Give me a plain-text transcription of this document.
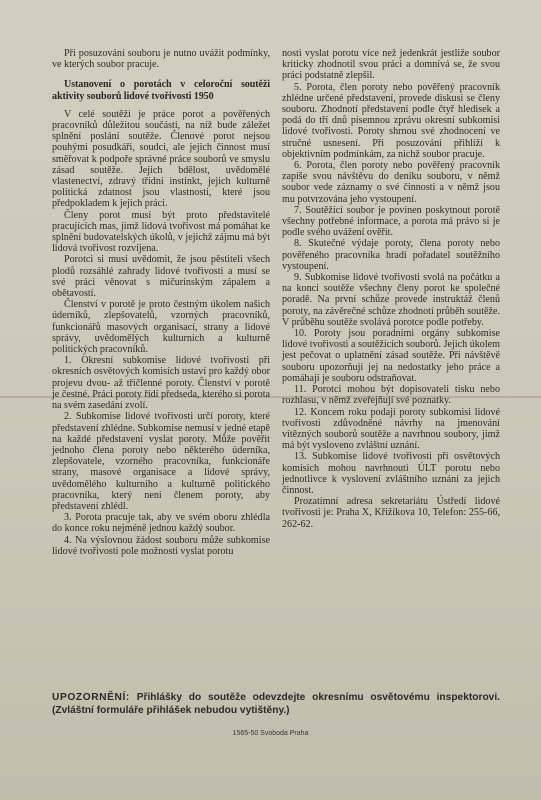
Při posuzování souboru je nutno uvážit podmínky, ve kterých soubor pracuje.

Ustanovení o porotách v celoroční soutěži aktivity souborů lidové tvořivosti 1950

V celé soutěži je práce porot a pověřených pracovníků důležitou součástí, na níž bude záležet splnění poslání soutěže. Členové porot nejsou pouhými posudkáři, soudci, ale jejich činnost musí směřovat k podpoře správné práce souborů ve smyslu zásad soutěže. Jejich bdělost, uvědomělé vlastenectví, zdravý třídní instinkt, jejich kulturně politická zdatnost jsou vlastnosti, které jsou předpokladem k jejich práci.

Členy porot musí být proto představitelé pracujících mas, jimž lidová tvořivost má pomáhat ke splnění budovatelských úkolů, v jejichž zájmu má být lidová tvořivost rozvíjena.

Porotci si musí uvědomit, že jsou pěstiteli všech plodů rozsáhlé zahrady lidové tvořivosti a musí se své práci věnovat s mičurinským zápalem a obětavostí.

Členství v porotě je proto čestným úkolem našich úderníků, zlepšovatelů, vzorných pracovníků, funkcionářů masových organisací, strany a lidové správy, uvědomělých kulturních a kulturně politických pracovníků.

1. Okresní subkomise lidové tvořivosti při okresních osvětových komisích ustaví pro každý obor projevu dvou- až tříčlenné poroty. Členství v porotě je čestné. Práci poroty řídí předseda, kterého si porota na svém zasedání zvolí.

2. Subkomise lidové tvořivosti určí poroty, které představení zhlédne. Subkomise nemusí v jedné etapě na každé představení vyslat poroty. Může pověřit jednoho člena poroty nebo některého úderníka, zlepšovatele, vzorného pracovníka, funkcionáře strany, masové organisace a lidové správy, uvědomělého kulturního a kulturně politického pracovníka, který není členem poroty, aby představení zhlédl.

3. Porota pracuje tak, aby ve svém oboru zhlédla do konce roku nejméně jednou každý soubor.

4. Na výslovnou žádost souboru může subkomise lidové tvořivosti pole možnosti vyslat porotu

nosti vyslat porotu více než jedenkrát jestliže soubor kriticky zhodnotil svou práci a domnívá se, že svou práci podstatně zlepšil.

5. Porota, člen poroty nebo pověřený pracovník zhlédne určené představení, provede diskusi se členy souboru. Zhodnotí představení podle čtyř hledisek a podá do tří dnů písemnou zprávu okresní subkomisi lidové tvořivosti. Poroty shrnou své zhodnocení ve stručné usnesení. Při posuzování přihlíží k objektivním podmínkám, za nichž soubor pracuje.

6. Porota, člen poroty nebo pověřený pracovník zapíše svou návštěvu do deníku souboru, v němž soubor vede záznamy o své činnosti a v němž jsou mu potvrzována jeho vystoupení.

7. Soutěžící soubor je povinen poskytnout porotě všechny potřebné informace, a porota má právo si je podle svého uvážení ověřit.

8. Skutečné výdaje poroty, člena poroty nebo pověřeného pracovníka hradí pořadatel soutěžního vystoupení.

9. Subkomise lidové tvořivosti svolá na počátku a na konci soutěže všechny členy porot ke společné poradě. Na první schůze provede instruktáž členů poroty, na závěrečné schůze zhodnotí průběh soutěže. V průběhu soutěže svolává porotce podle potřeby.

10. Poroty jsou poradními orgány subkomise lidové tvořivosti a soutěžících souborů. Jejich úkolem jest pečovat o uplatnění zásad soutěže. Při návštěvě souboru upozorňují jej na nedostatky jeho práce a pomáhají je souboru odstraňovat.

11. Porotci mohou být dopisovateli tisku nebo rozhlasu, v němž zveřejňují své poznatky.

12. Koncem roku podají poroty subkomisi lidové tvořivosti zdůvodněné návrhy na jmenování vítězných souborů soutěže a navrhnou soubory, jimž má být vysloveno zvláštní uznání.

13. Subkomise lidové tvořivosti při osvětových komisích mohou navrhnouti ÚLT porotu nebo jednotlivce k vyslovení zvláštního uznání za jejich činnost.

Prozatímní adresa sekretariátu Ústředí lidové tvořivosti je: Praha X, Křižíkova 10, Telefon: 255-66, 262-62.

UPOZORNĚNÍ: Přihlášky do soutěže odevzdejte okresnímu osvětovému inspektorovi. (Zvláštní formuláře přihlášek nebudou vytištěny.)
1565-50 Svoboda Praha
